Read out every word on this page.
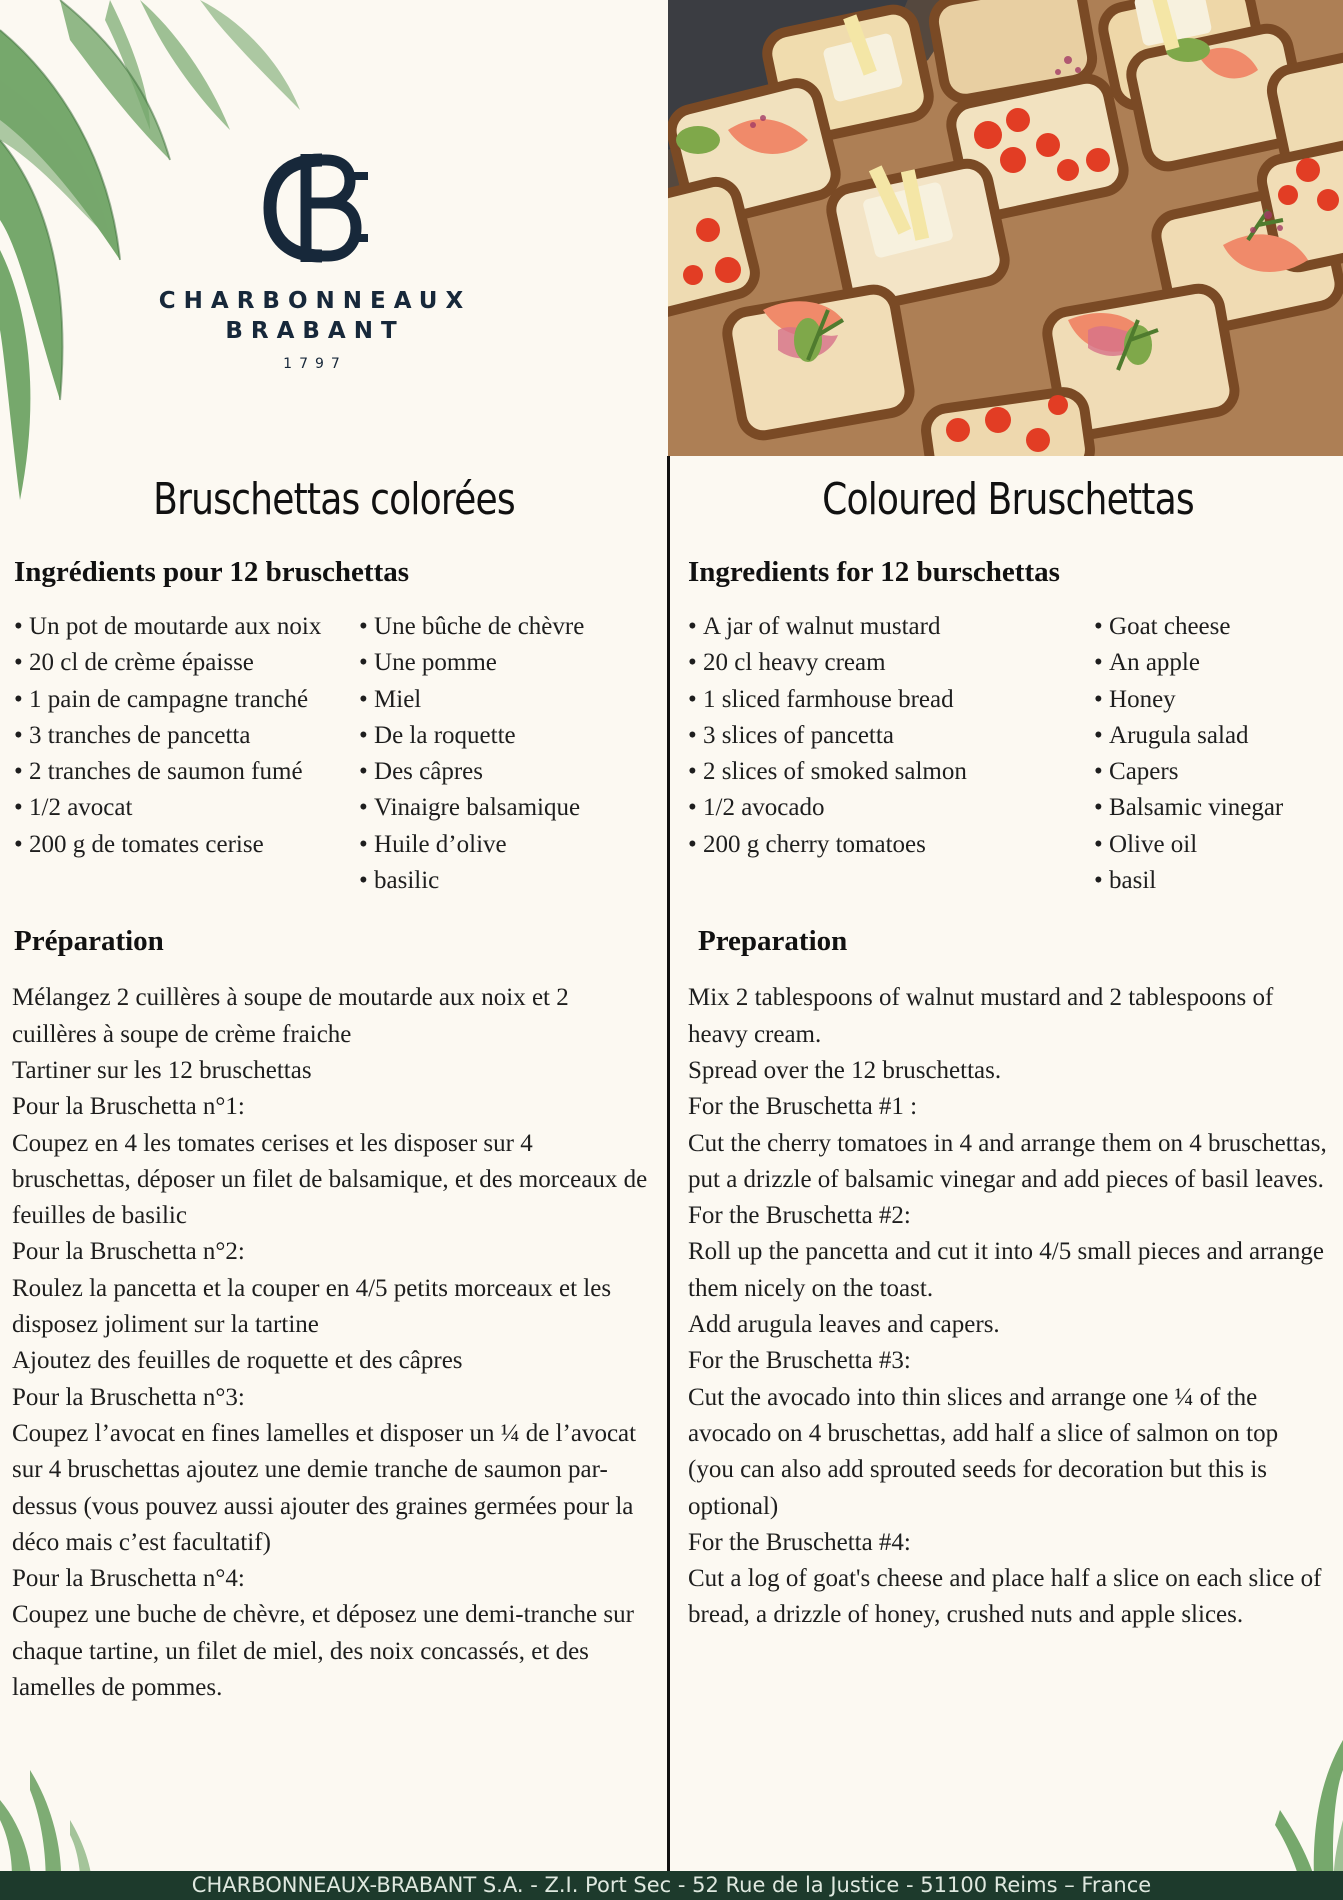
CHARBONNEAUX
BRABANT
1797
Bruschettas colorées
Ingrédients pour 12 bruschettas
• Un pot de moutarde aux noix
• 20 cl de crème épaisse
• 1 pain de campagne tranché
• 3 tranches de pancetta
• 2 tranches de saumon fumé
• 1/2 avocat
• 200 g de tomates cerise
• Une bûche de chèvre
• Une pomme
• Miel
• De la roquette
• Des câpres
• Vinaigre balsamique
• Huile d’olive
• basilic
Préparation

Mélangez 2 cuillères à soupe de moutarde aux noix et 2 cuillères à soupe de crème fraiche

Tartiner sur les 12 bruschettas

Pour la Bruschetta n°1:

Coupez en 4 les tomates cerises et les disposer sur 4 bruschettas, déposer un filet de balsamique, et des morceaux de feuilles de basilic

Pour la Bruschetta n°2:

Roulez la pancetta et la couper en 4/5 petits morceaux et les disposez joliment sur la tartine

Ajoutez des feuilles de roquette et des câpres

Pour la Bruschetta n°3:

Coupez l’avocat en fines lamelles et disposer un ¼ de l’avocat sur 4 bruschettas ajoutez une demie tranche de saumon par-dessus (vous pouvez aussi ajouter des graines germées pour la déco mais c’est facultatif)

Pour la Bruschetta n°4:

Coupez une buche de chèvre, et déposez une demi-tranche sur chaque tartine, un filet de miel, des noix concassés, et des lamelles de pommes.

Coloured Bruschettas
Ingredients for 12 burschettas
• A jar of walnut mustard
• 20 cl heavy cream
• 1 sliced farmhouse bread
• 3 slices of pancetta
• 2 slices of smoked salmon
• 1/2 avocado
• 200 g cherry tomatoes
• Goat cheese
• An apple
• Honey
• Arugula salad
• Capers
• Balsamic vinegar
• Olive oil
• basil
Preparation

Mix 2 tablespoons of walnut mustard and 2 tablespoons of heavy cream.

Spread over the 12 bruschettas.

For the Bruschetta #1 :

Cut the cherry tomatoes in 4 and arrange them on 4 bruschettas, put a drizzle of balsamic vinegar and add pieces of basil leaves.

For the Bruschetta #2:

Roll up the pancetta and cut it into 4/5 small pieces and arrange them nicely on the toast.

Add arugula leaves and capers.

For the Bruschetta #3:

Cut the avocado into thin slices and arrange one ¼ of the avocado on 4 bruschettas, add half a slice of salmon on top (you can also add sprouted seeds for decoration but this is optional)

For the Bruschetta #4:

Cut a log of goat's cheese and place half a slice on each slice of bread, a drizzle of honey, crushed nuts and apple slices.

CHARBONNEAUX-BRABANT S.A. - Z.I. Port Sec - 52 Rue de la Justice - 51100 Reims – France
